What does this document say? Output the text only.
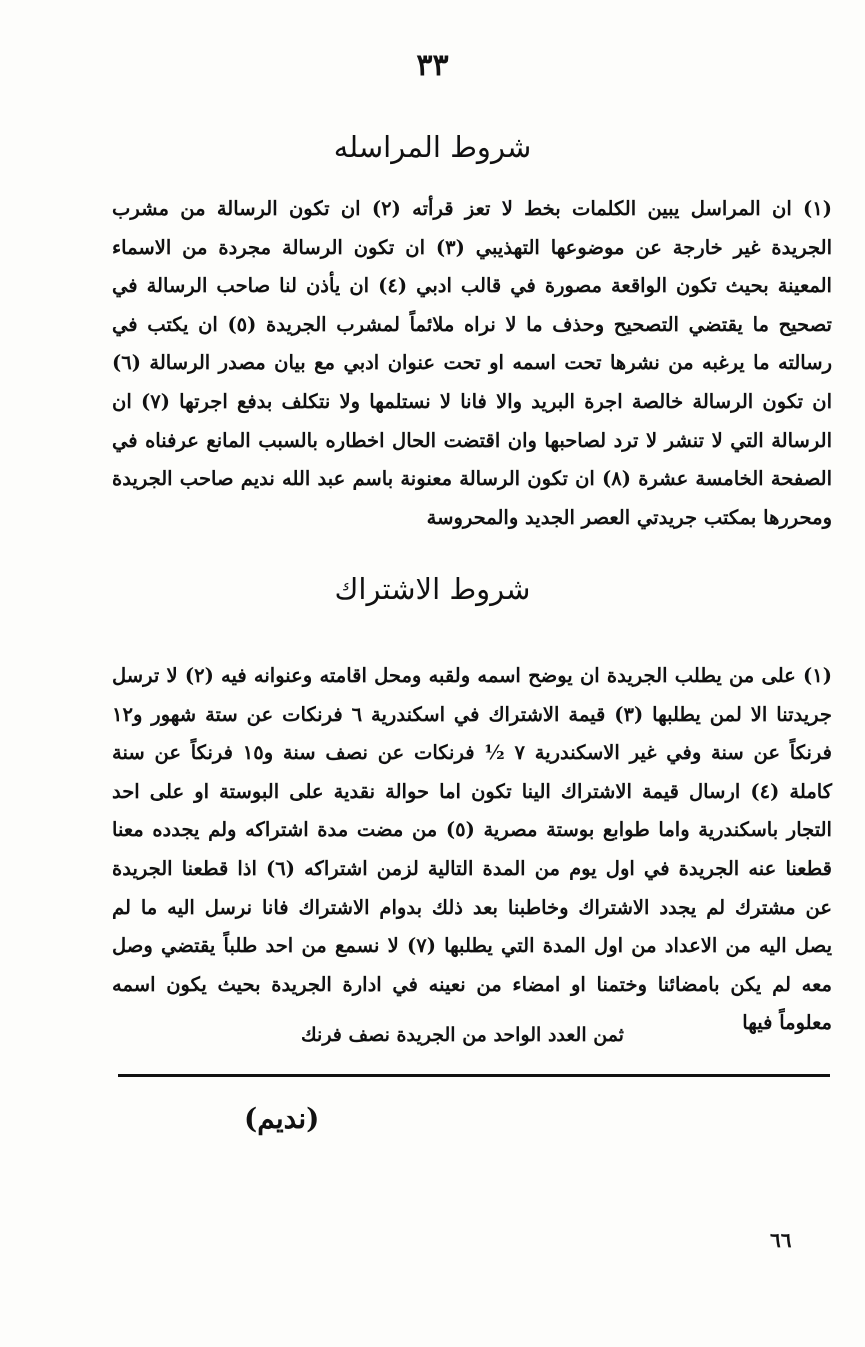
٣٣
شروط المراسله
(١) ان المراسل يبين الكلمات بخط لا تعز قرأته (٢) ان تكون الرسالة من مشرب الجريدة غير خارجة عن موضوعها التهذيبي (٣) ان تكون الرسالة مجردة من الاسماء المعينة بحيث تكون الواقعة مصورة في قالب ادبي (٤) ان يأذن لنا صاحب الرسالة في تصحيح ما يقتضي التصحيح وحذف ما لا نراه ملائماً لمشرب الجريدة (٥) ان يكتب في رسالته ما يرغبه من نشرها تحت اسمه او تحت عنوان ادبي مع بيان مصدر الرسالة (٦) ان تكون الرسالة خالصة اجرة البريد والا فانا لا نستلمها ولا نتكلف بدفع اجرتها (٧) ان الرسالة التي لا تنشر لا ترد لصاحبها وان اقتضت الحال اخطاره بالسبب المانع عرفناه في الصفحة الخامسة عشرة (٨) ان تكون الرسالة معنونة باسم عبد الله نديم صاحب الجريدة ومحررها بمكتب جريدتي العصر الجديد والمحروسة
شروط الاشتراك
(١) على من يطلب الجريدة ان يوضح اسمه ولقبه ومحل اقامته وعنوانه فيه (٢) لا ترسل جريدتنا الا لمن يطلبها (٣) قيمة الاشتراك في اسكندرية ٦ فرنكات عن ستة شهور و١٢ فرنكاً عن سنة وفي غير الاسكندرية ٧ ½ فرنكات عن نصف سنة و١٥ فرنكاً عن سنة كاملة (٤) ارسال قيمة الاشتراك الينا تكون اما حوالة نقدية على البوستة او على احد التجار باسكندرية واما طوابع بوستة مصرية (٥) من مضت مدة اشتراكه ولم يجدده معنا قطعنا عنه الجريدة في اول يوم من المدة التالية لزمن اشتراكه (٦) اذا قطعنا الجريدة عن مشترك لم يجدد الاشتراك وخاطبنا بعد ذلك بدوام الاشتراك فانا نرسل اليه ما لم يصل اليه من الاعداد من اول المدة التي يطلبها (٧) لا نسمع من احد طلباً يقتضي وصل معه لم يكن بامضائنا وختمنا او امضاء من نعينه في ادارة الجريدة بحيث يكون اسمه معلوماً فيها
ثمن العدد الواحد من الجريدة نصف فرنك
(نديم)
٦٦
